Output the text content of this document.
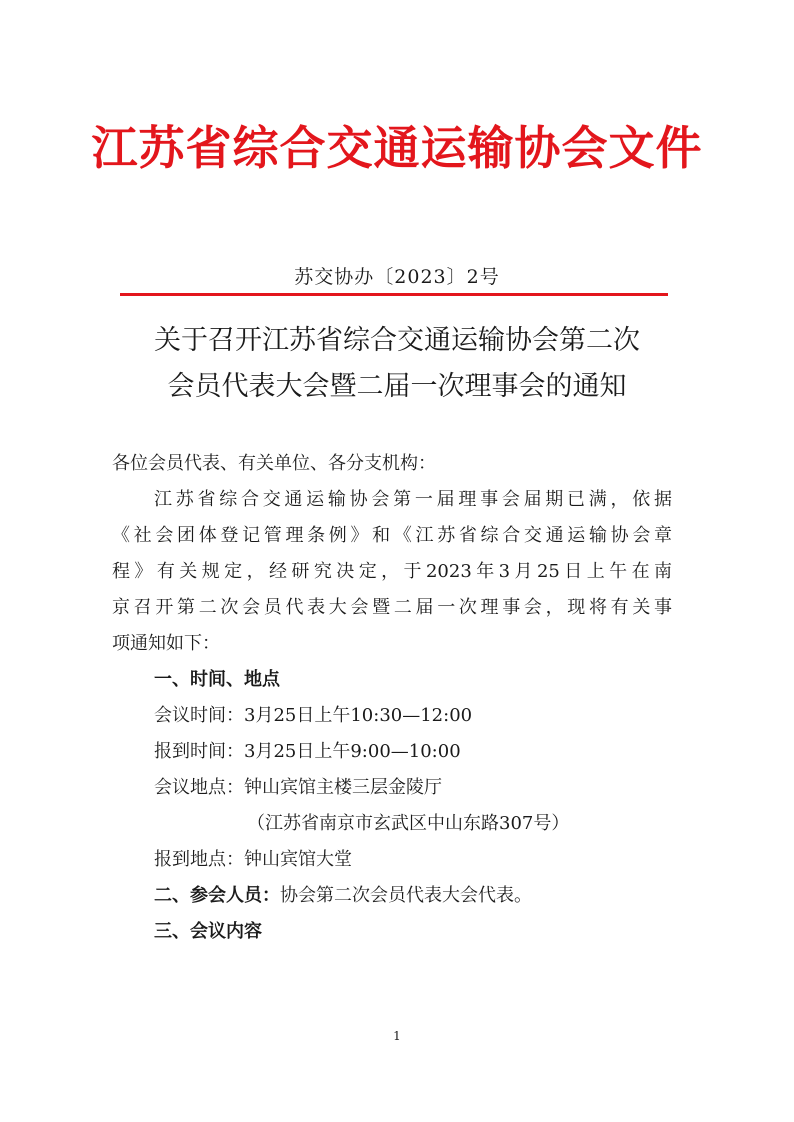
江苏省综合交通运输协会文件
苏交协办〔2023〕2号
关于召开江苏省综合交通运输协会第二次
会员代表大会暨二届一次理事会的通知
各位会员代表、有关单位、各分支机构：
江苏省综合交通运输协会第一届理事会届期已满，依据
《社会团体登记管理条例》和《江苏省综合交通运输协会章
程》有关规定，经研究决定，于2023年3月25日上午在南
京召开第二次会员代表大会暨二届一次理事会，现将有关事
项通知如下：
一、时间、地点
会议时间：3月25日上午10:30—12:00
报到时间：3月25日上午9:00—10:00
会议地点：钟山宾馆主楼三层金陵厅
（江苏省南京市玄武区中山东路307号）
报到地点：钟山宾馆大堂
二、参会人员：协会第二次会员代表大会代表。
三、会议内容
1
